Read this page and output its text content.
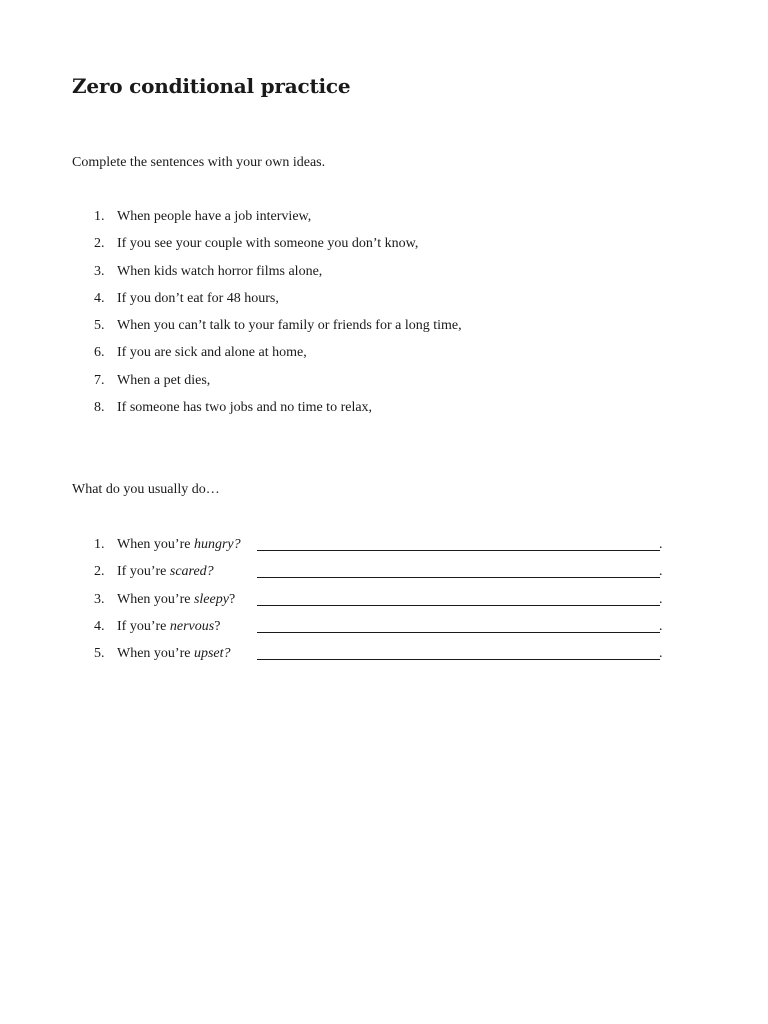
Zero conditional practice

Complete the sentences with your own ideas.

1. When people have a job interview,
2. If you see your couple with someone you don’t know,
3. When kids watch horror films alone,
4. If you don’t eat for 48 hours,
5. When you can’t talk to your family or friends for a long time,
6. If you are sick and alone at home,
7. When a pet dies,
8. If someone has two jobs and no time to relax,

What do you usually do…

1. When you’re hungry?	.
2. If you’re scared?	.
3. When you’re sleepy?	.
4. If you’re nervous?	.
5. When you’re upset?	.
